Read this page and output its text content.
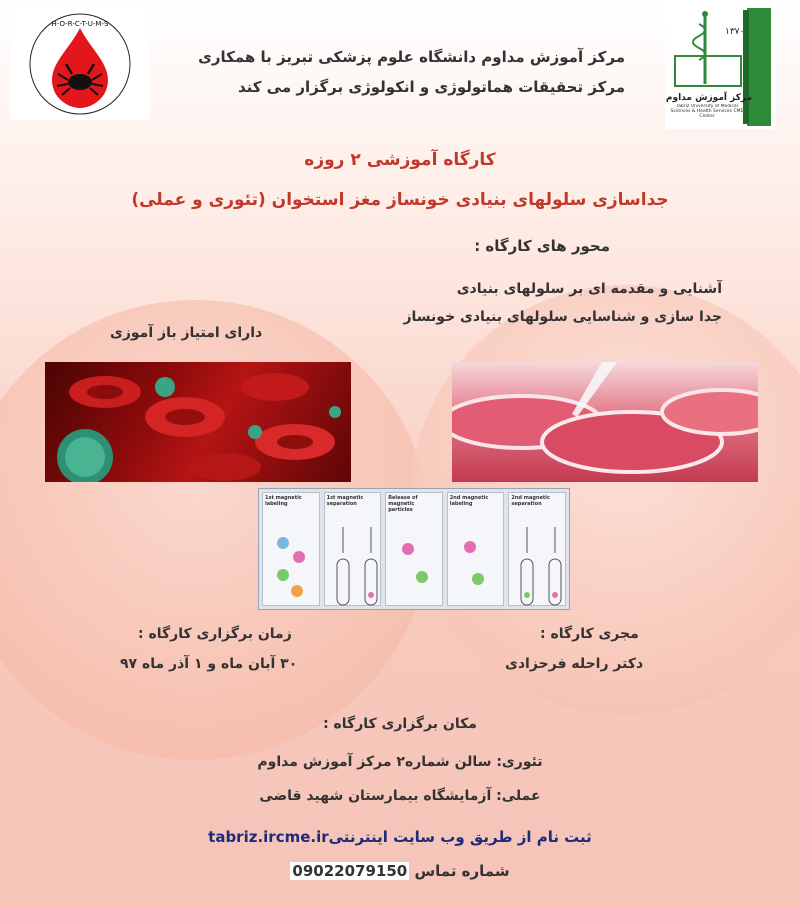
H-O-R-C-T-U-M-S
۱۳۷۰
مرکز آموزش مداوم
Tabriz University of Medical Sciences & Health Services CME Center
مرکز آموزش مداوم دانشگاه علوم پزشکی تبریز با همکاری
مرکز تحقیقات هماتولوژی و انکولوژی برگزار می کند
کارگاه آموزشی ۲ روزه
جداسازی سلولهای بنیادی خونساز مغز استخوان (تئوری و عملی)
محور های کارگاه :
آشنایی و مقدمه ای بر سلولهای بنیادی
جدا سازی و شناسایی سلولهای بنیادی خونساز
دارای امتیاز باز آموزی
1st magnetic labeling
1st magnetic separation
Release of magnetic particles
2nd magnetic labeling
2nd magnetic separation
زمان برگزاری کارگاه :
۳۰ آبان ماه و ۱ آذر ماه ۹۷
مجری کارگاه :
دکتر راحله فرحزادی
مکان برگزاری کارگاه :
تئوری: سالن شماره۲ مرکز آموزش مداوم
عملی: آزمایشگاه بیمارستان شهید قاضی
ثبت نام از طریق وب سایت اینترنتیtabriz.ircme.ir
شماره تماس 09022079150
